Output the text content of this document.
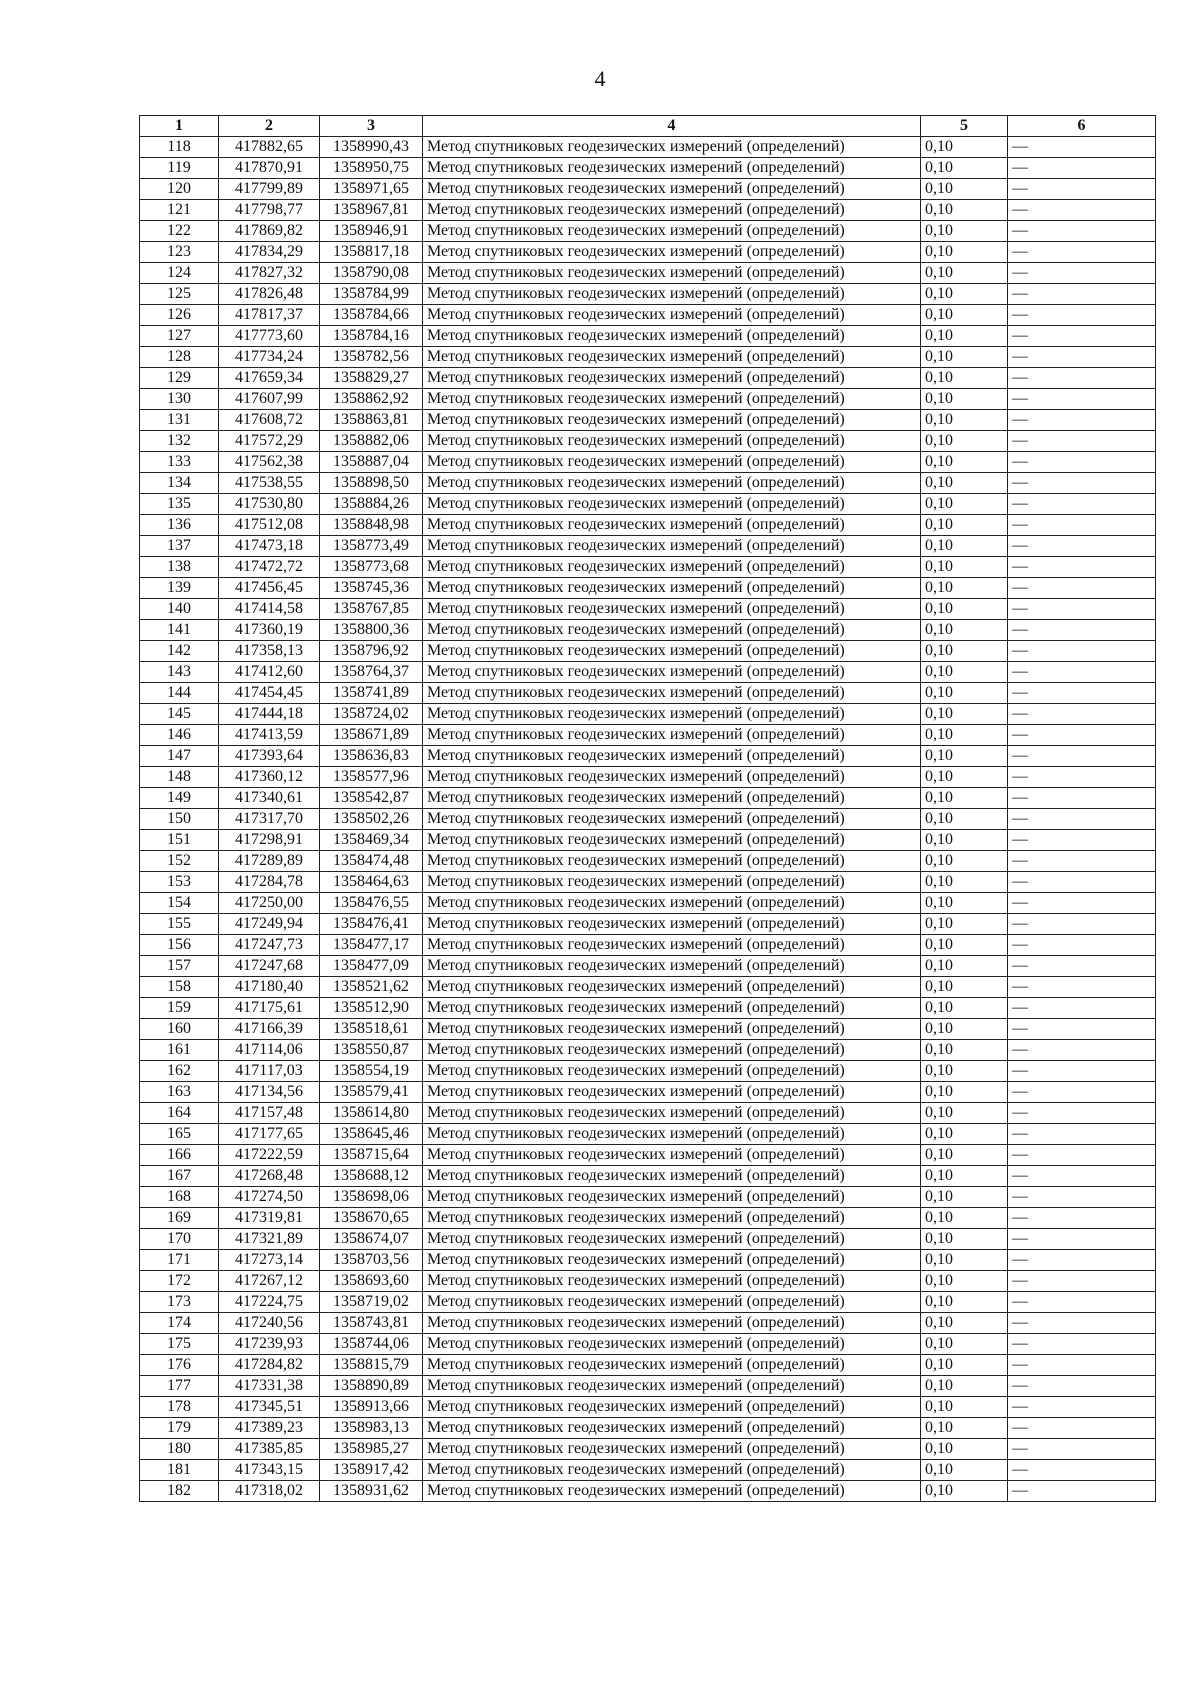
4
1	2	3	4	5	6
118	417882,65	1358990,43	Метод спутниковых геодезических измерений (определений)	0,10	—
119	417870,91	1358950,75	Метод спутниковых геодезических измерений (определений)	0,10	—
120	417799,89	1358971,65	Метод спутниковых геодезических измерений (определений)	0,10	—
121	417798,77	1358967,81	Метод спутниковых геодезических измерений (определений)	0,10	—
122	417869,82	1358946,91	Метод спутниковых геодезических измерений (определений)	0,10	—
123	417834,29	1358817,18	Метод спутниковых геодезических измерений (определений)	0,10	—
124	417827,32	1358790,08	Метод спутниковых геодезических измерений (определений)	0,10	—
125	417826,48	1358784,99	Метод спутниковых геодезических измерений (определений)	0,10	—
126	417817,37	1358784,66	Метод спутниковых геодезических измерений (определений)	0,10	—
127	417773,60	1358784,16	Метод спутниковых геодезических измерений (определений)	0,10	—
128	417734,24	1358782,56	Метод спутниковых геодезических измерений (определений)	0,10	—
129	417659,34	1358829,27	Метод спутниковых геодезических измерений (определений)	0,10	—
130	417607,99	1358862,92	Метод спутниковых геодезических измерений (определений)	0,10	—
131	417608,72	1358863,81	Метод спутниковых геодезических измерений (определений)	0,10	—
132	417572,29	1358882,06	Метод спутниковых геодезических измерений (определений)	0,10	—
133	417562,38	1358887,04	Метод спутниковых геодезических измерений (определений)	0,10	—
134	417538,55	1358898,50	Метод спутниковых геодезических измерений (определений)	0,10	—
135	417530,80	1358884,26	Метод спутниковых геодезических измерений (определений)	0,10	—
136	417512,08	1358848,98	Метод спутниковых геодезических измерений (определений)	0,10	—
137	417473,18	1358773,49	Метод спутниковых геодезических измерений (определений)	0,10	—
138	417472,72	1358773,68	Метод спутниковых геодезических измерений (определений)	0,10	—
139	417456,45	1358745,36	Метод спутниковых геодезических измерений (определений)	0,10	—
140	417414,58	1358767,85	Метод спутниковых геодезических измерений (определений)	0,10	—
141	417360,19	1358800,36	Метод спутниковых геодезических измерений (определений)	0,10	—
142	417358,13	1358796,92	Метод спутниковых геодезических измерений (определений)	0,10	—
143	417412,60	1358764,37	Метод спутниковых геодезических измерений (определений)	0,10	—
144	417454,45	1358741,89	Метод спутниковых геодезических измерений (определений)	0,10	—
145	417444,18	1358724,02	Метод спутниковых геодезических измерений (определений)	0,10	—
146	417413,59	1358671,89	Метод спутниковых геодезических измерений (определений)	0,10	—
147	417393,64	1358636,83	Метод спутниковых геодезических измерений (определений)	0,10	—
148	417360,12	1358577,96	Метод спутниковых геодезических измерений (определений)	0,10	—
149	417340,61	1358542,87	Метод спутниковых геодезических измерений (определений)	0,10	—
150	417317,70	1358502,26	Метод спутниковых геодезических измерений (определений)	0,10	—
151	417298,91	1358469,34	Метод спутниковых геодезических измерений (определений)	0,10	—
152	417289,89	1358474,48	Метод спутниковых геодезических измерений (определений)	0,10	—
153	417284,78	1358464,63	Метод спутниковых геодезических измерений (определений)	0,10	—
154	417250,00	1358476,55	Метод спутниковых геодезических измерений (определений)	0,10	—
155	417249,94	1358476,41	Метод спутниковых геодезических измерений (определений)	0,10	—
156	417247,73	1358477,17	Метод спутниковых геодезических измерений (определений)	0,10	—
157	417247,68	1358477,09	Метод спутниковых геодезических измерений (определений)	0,10	—
158	417180,40	1358521,62	Метод спутниковых геодезических измерений (определений)	0,10	—
159	417175,61	1358512,90	Метод спутниковых геодезических измерений (определений)	0,10	—
160	417166,39	1358518,61	Метод спутниковых геодезических измерений (определений)	0,10	—
161	417114,06	1358550,87	Метод спутниковых геодезических измерений (определений)	0,10	—
162	417117,03	1358554,19	Метод спутниковых геодезических измерений (определений)	0,10	—
163	417134,56	1358579,41	Метод спутниковых геодезических измерений (определений)	0,10	—
164	417157,48	1358614,80	Метод спутниковых геодезических измерений (определений)	0,10	—
165	417177,65	1358645,46	Метод спутниковых геодезических измерений (определений)	0,10	—
166	417222,59	1358715,64	Метод спутниковых геодезических измерений (определений)	0,10	—
167	417268,48	1358688,12	Метод спутниковых геодезических измерений (определений)	0,10	—
168	417274,50	1358698,06	Метод спутниковых геодезических измерений (определений)	0,10	—
169	417319,81	1358670,65	Метод спутниковых геодезических измерений (определений)	0,10	—
170	417321,89	1358674,07	Метод спутниковых геодезических измерений (определений)	0,10	—
171	417273,14	1358703,56	Метод спутниковых геодезических измерений (определений)	0,10	—
172	417267,12	1358693,60	Метод спутниковых геодезических измерений (определений)	0,10	—
173	417224,75	1358719,02	Метод спутниковых геодезических измерений (определений)	0,10	—
174	417240,56	1358743,81	Метод спутниковых геодезических измерений (определений)	0,10	—
175	417239,93	1358744,06	Метод спутниковых геодезических измерений (определений)	0,10	—
176	417284,82	1358815,79	Метод спутниковых геодезических измерений (определений)	0,10	—
177	417331,38	1358890,89	Метод спутниковых геодезических измерений (определений)	0,10	—
178	417345,51	1358913,66	Метод спутниковых геодезических измерений (определений)	0,10	—
179	417389,23	1358983,13	Метод спутниковых геодезических измерений (определений)	0,10	—
180	417385,85	1358985,27	Метод спутниковых геодезических измерений (определений)	0,10	—
181	417343,15	1358917,42	Метод спутниковых геодезических измерений (определений)	0,10	—
182	417318,02	1358931,62	Метод спутниковых геодезических измерений (определений)	0,10	—
